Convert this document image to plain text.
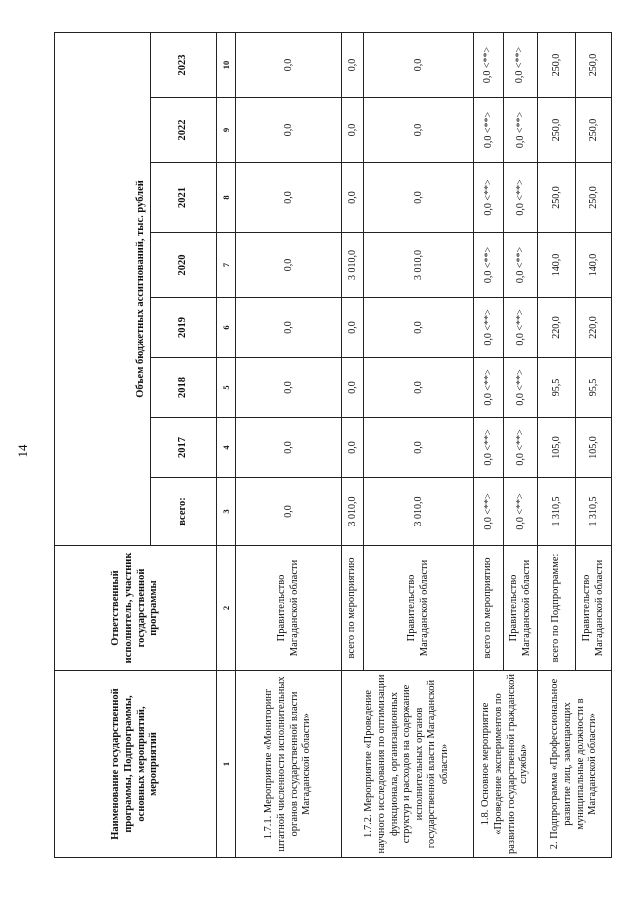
14
Наименование государственной программы, Подпрограммы, основных мероприятий, мероприятий	Ответственный исполнитель, участник государственной программы	Объем бюджетных ассигнований, тыс. рублей							
		всего:	2017	2018	2019	2020	2021	2022	2023
1	2	3	4	5	6	7	8	9	10
1.7.1. Мероприятие «Мониторинг штатной численности исполнительных органов государственной власти Магаданской области»	Правительство Магаданской области	0,0	0,0	0,0	0,0	0,0	0,0	0,0	0,0
1.7.2. Мероприятие «Проведение научного исследования по оптимизации функционала, организационных структур и расходов на содержание исполнительных органов государственной власти Магаданской области»	всего по мероприятию	3 010,0	0,0	0,0	0,0	3 010,0	0,0	0,0	0,0
	Правительство Магаданской области	3 010,0	0,0	0,0	0,0	3 010,0	0,0	0,0	0,0
1.8. Основное мероприятие «Проведение экспериментов по развитию государственной гражданской службы»	всего по мероприятию	0,0 <**>	0,0 <**>	0,0 <**>	0,0 <**>	0,0 <**>	0,0 <**>	0,0 <**>	0,0 <**>
	Правительство Магаданской области	0,0 <**>	0,0 <**>	0,0 <**>	0,0 <**>	0,0 <**>	0,0 <**>	0,0 <**>	0,0 <**>
2. Подпрограмма «Профессиональное развитие лиц, замещающих муниципальные должности в Магаданской области»	всего по Подпрограмме:	1 310,5	105,0	95,5	220,0	140,0	250,0	250,0	250,0
	Правительство Магаданской области	1 310,5	105,0	95,5	220,0	140,0	250,0	250,0	250,0
